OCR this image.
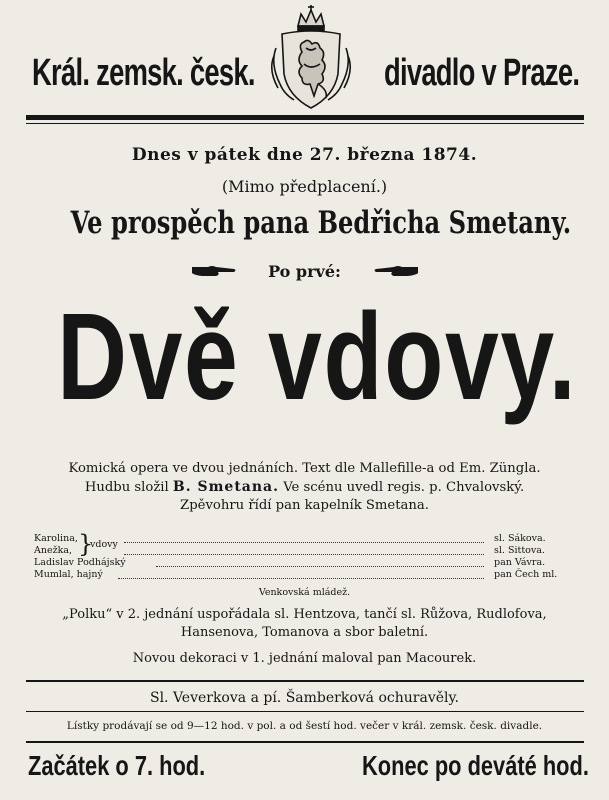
Král. zemsk. česk.	divadlo v Praze.
Dnes v pátek dne 27. března 1874.
(Mimo předplacení.)
Ve prospěch pana Bedřicha Smetany.
Po prvé:
Dvě vdovy.
Komická opera ve dvou jednáních. Text dle Mallefille-a od Em. Züngla.
Hudbu složil B. Smetana. Ve scénu uvedl regis. p. Chvalovský.
Zpěvohru řídí pan kapelník Smetana.
Karolina,
Anežka,
Ladislav Podhájský
Mumlal, hajný
}
vdovy
sl. Sákova.
sl. Sittova.
pan Vávra.
pan Čech ml.
Venkovská mládež.
„Polku“ v 2. jednání uspořádala sl. Hentzova, tančí sl. Růžova, Rudlofova,
Hansenova, Tomanova a sbor baletní.
Novou dekoraci v 1. jednání maloval pan Macourek.
Sl. Veverkova a pí. Šamberková ochuravěly.
Lístky prodávají se od 9—12 hod. v pol. a od šestí hod. večer v král. zemsk. česk. divadle.
Začátek o 7. hod.	Konec po deváté hod.
